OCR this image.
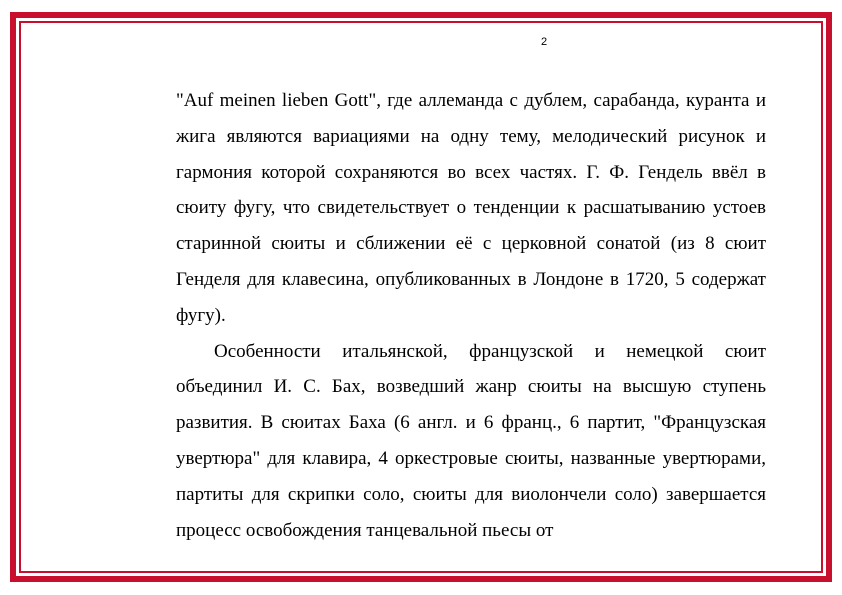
2

"Auf meinen lieben Gott", где аллеманда с дублем, сарабанда, куранта и жига являются вариациями на одну тему, мелодический рисунок и гармония которой сохраняются во всех частях. Г. Ф. Гендель ввёл в сюиту фугу, что свидетельствует о тенденции к расшатыванию устоев старинной сюиты и сближении её с церковной сонатой (из 8 сюит Генделя для клавесина, опубликованных в Лондоне в 1720, 5 содержат фугу).

Особенности итальянской, французской и немецкой сюит объединил И. С. Бах, возведший жанр сюиты на высшую ступень развития. В сюитах Баха (6 англ. и 6 франц., 6 партит, "Французская увертюра" для клавира, 4 оркестровые сюиты, названные увертюрами, партиты для скрипки соло, сюиты для виолончели соло) завершается процесс освобождения танцевальной пьесы от
